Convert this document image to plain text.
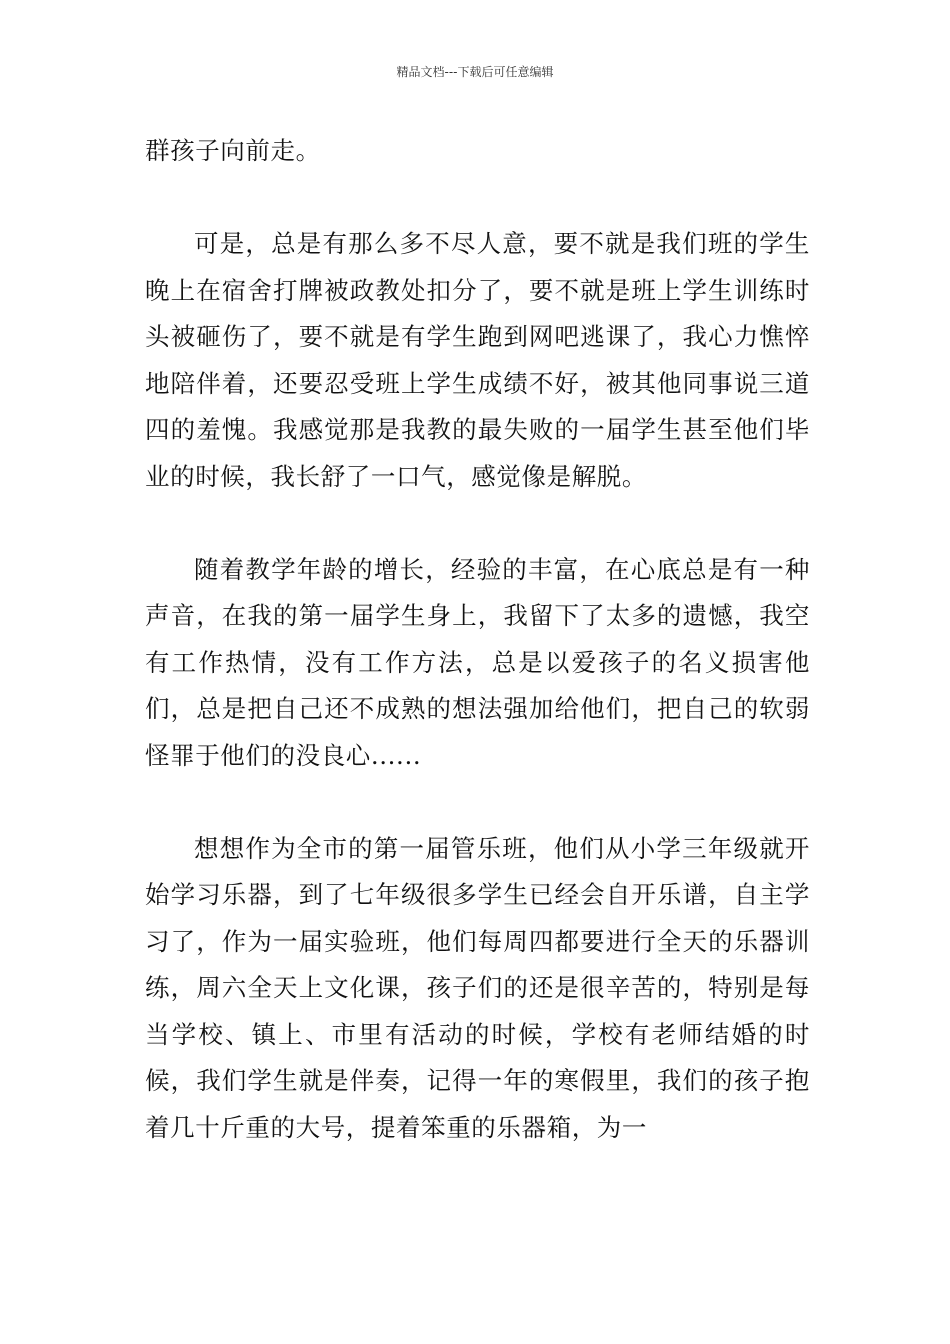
精品文档---下载后可任意编辑

群孩子向前走。

可是，总是有那么多不尽人意，要不就是我们班的学生晚上在宿舍打牌被政教处扣分了，要不就是班上学生训练时头被砸伤了，要不就是有学生跑到网吧逃课了，我心力憔悴地陪伴着，还要忍受班上学生成绩不好，被其他同事说三道四的羞愧。我感觉那是我教的最失败的一届学生甚至他们毕业的时候，我长舒了一口气，感觉像是解脱。

随着教学年龄的增长，经验的丰富，在心底总是有一种声音，在我的第一届学生身上，我留下了太多的遗憾，我空有工作热情，没有工作方法，总是以爱孩子的名义损害他们，总是把自己还不成熟的想法强加给他们，把自己的软弱怪罪于他们的没良心......

想想作为全市的第一届管乐班，他们从小学三年级就开始学习乐器，到了七年级很多学生已经会自开乐谱，自主学习了，作为一届实验班，他们每周四都要进行全天的乐器训练，周六全天上文化课，孩子们的还是很辛苦的，特别是每当学校、镇上、市里有活动的时候，学校有老师结婚的时候，我们学生就是伴奏，记得一年的寒假里，我们的孩子抱着几十斤重的大号，提着笨重的乐器箱，为一
